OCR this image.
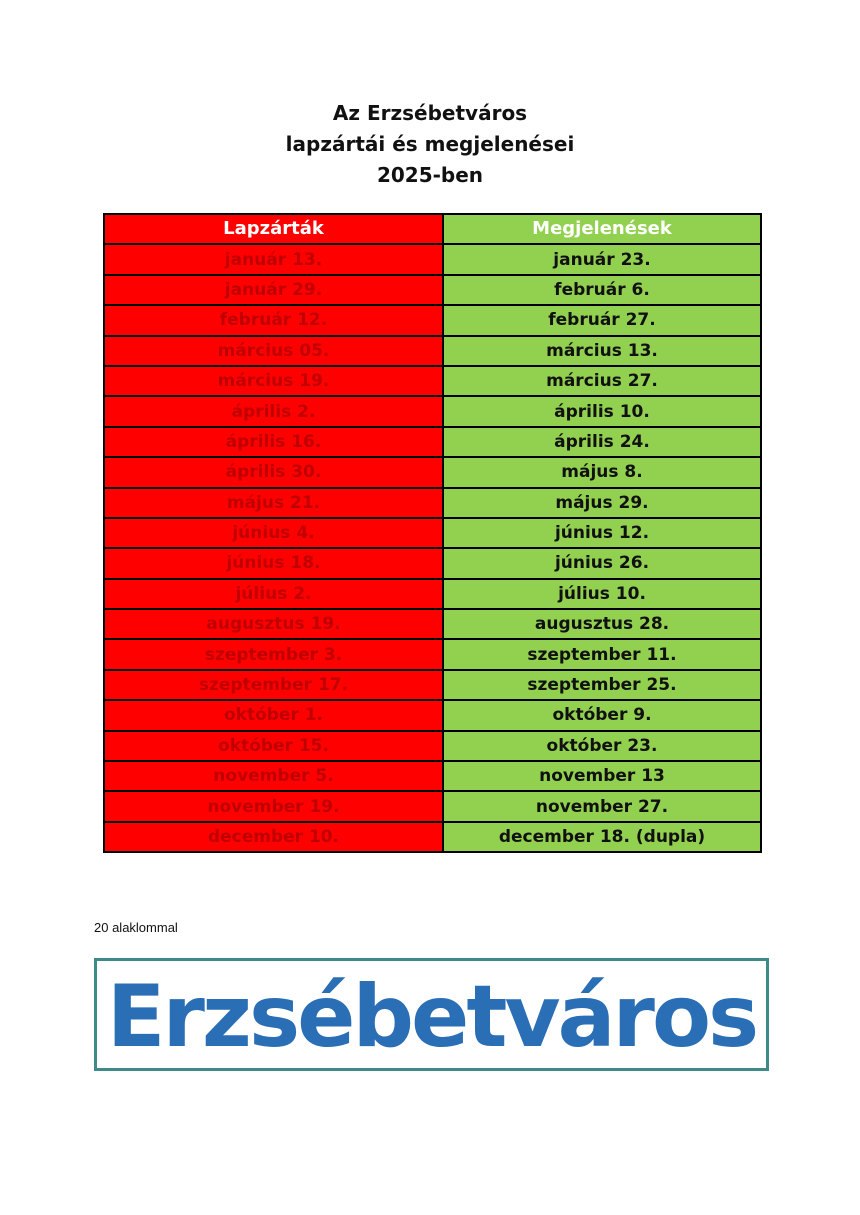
Az Erzsébetváros
lapzártái és megjelenései
2025-ben
Lapzárták	Megjelenések
január 13.	január 23.
január 29.	február 6.
február 12.	február 27.
március 05.	március 13.
március 19.	március 27.
április 2.	április 10.
április 16.	április 24.
április 30.	május 8.
május 21.	május 29.
június 4.	június 12.
június 18.	június 26.
július 2.	július 10.
augusztus 19.	augusztus 28.
szeptember 3.	szeptember 11.
szeptember 17.	szeptember 25.
október 1.	október 9.
október 15.	október 23.
november 5.	november 13
november 19.	november 27.
december 10.	december 18. (dupla)
20 alaklommal
Erzsébetváros
